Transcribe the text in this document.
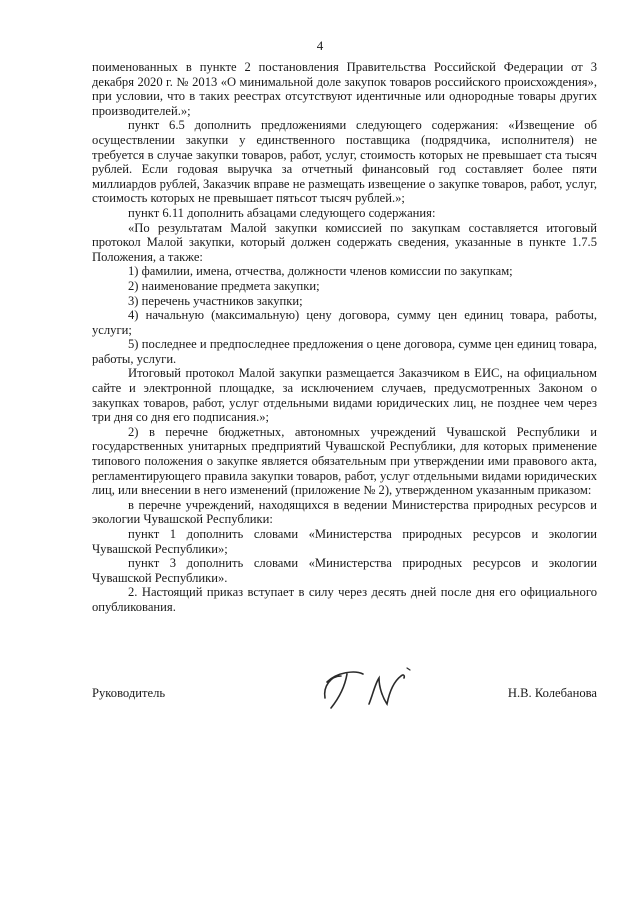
4

поименованных в пункте 2 постановления Правительства Российской Федерации от 3 декабря 2020 г. № 2013 «О минимальной доле закупок товаров российского происхождения», при условии, что в таких реестрах отсутствуют идентичные или однородные товары других производителей.»;

пункт 6.5 дополнить предложениями следующего содержания: «Извещение об осуществлении закупки у единственного поставщика (подрядчика, исполнителя) не требуется в случае закупки товаров, работ, услуг, стоимость которых не превышает ста тысяч рублей. Если годовая выручка за отчетный финансовый год составляет более пяти миллиардов рублей, Заказчик вправе не размещать извещение о закупке товаров, работ, услуг, стоимость которых не превышает пятьсот тысяч рублей.»;

пункт 6.11 дополнить абзацами следующего содержания:

«По результатам Малой закупки комиссией по закупкам составляется итоговый протокол Малой закупки, который должен содержать сведения, указанные в пункте 1.7.5 Положения, а также:

1) фамилии, имена, отчества, должности членов комиссии по закупкам;

2) наименование предмета закупки;

3) перечень участников закупки;

4) начальную (максимальную) цену договора, сумму цен единиц товара, работы, услуги;

5) последнее и предпоследнее предложения о цене договора, сумме цен единиц товара, работы, услуги.

Итоговый протокол Малой закупки размещается Заказчиком в ЕИС, на официальном сайте и электронной площадке, за исключением случаев, предусмотренных Законом о закупках товаров, работ, услуг отдельными видами юридических лиц, не позднее чем через три дня со дня его подписания.»;

2) в перечне бюджетных, автономных учреждений Чувашской Республики и государственных унитарных предприятий Чувашской Республики, для которых применение типового положения о закупке является обязательным при утверждении ими правового акта, регламентирующего правила закупки товаров, работ, услуг отдельными видами юридических лиц, или внесении в него изменений (приложение № 2), утвержденном указанным приказом:

в перечне учреждений, находящихся в ведении Министерства природных ресурсов и экологии Чувашской Республики:

пункт 1 дополнить словами «Министерства природных ресурсов и экологии Чувашской Республики»;

пункт 3 дополнить словами «Министерства природных ресурсов и экологии Чувашской Республики».

2. Настоящий приказ вступает в силу через десять дней после дня его официального опубликования.

Руководитель	Н.В. Колебанова
